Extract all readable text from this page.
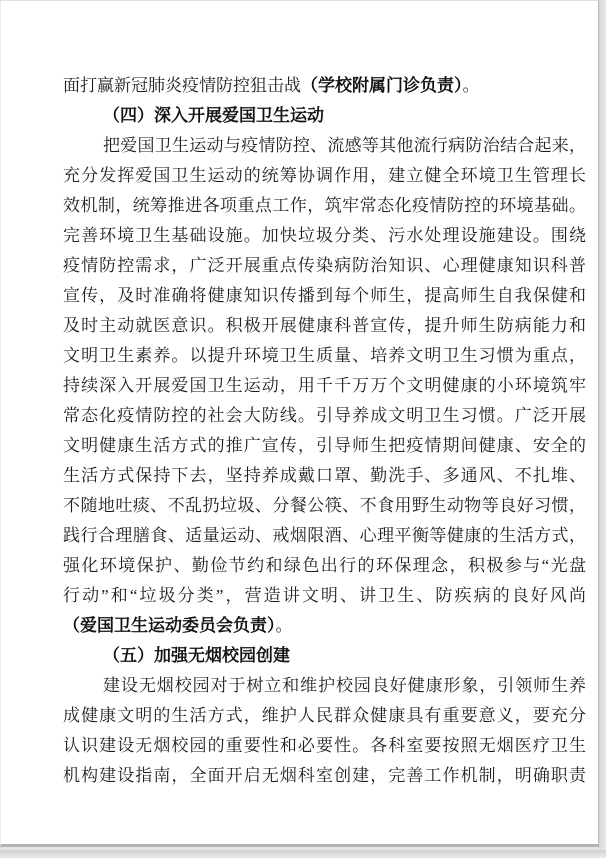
面打赢新冠肺炎疫情防控狙击战（学校附属门诊负责）。
（四）深入开展爱国卫生运动
把爱国卫生运动与疫情防控、流感等其他流行病防治结合起来，
充分发挥爱国卫生运动的统筹协调作用，建立健全环境卫生管理长
效机制，统筹推进各项重点工作，筑牢常态化疫情防控的环境基础。
完善环境卫生基础设施。加快垃圾分类、污水处理设施建设。围绕
疫情防控需求，广泛开展重点传染病防治知识、心理健康知识科普
宣传，及时准确将健康知识传播到每个师生，提高师生自我保健和
及时主动就医意识。积极开展健康科普宣传，提升师生防病能力和
文明卫生素养。以提升环境卫生质量、培养文明卫生习惯为重点，
持续深入开展爱国卫生运动，用千千万万个文明健康的小环境筑牢
常态化疫情防控的社会大防线。引导养成文明卫生习惯。广泛开展
文明健康生活方式的推广宣传，引导师生把疫情期间健康、安全的
生活方式保持下去，坚持养成戴口罩、勤洗手、多通风、不扎堆、
不随地吐痰、不乱扔垃圾、分餐公筷、不食用野生动物等良好习惯，
践行合理膳食、适量运动、戒烟限酒、心理平衡等健康的生活方式，
强化环境保护、勤俭节约和绿色出行的环保理念，积极参与“光盘
行动”和“垃圾分类”，营造讲文明、讲卫生、防疾病的良好风尚
（爱国卫生运动委员会负责）。
（五）加强无烟校园创建
建设无烟校园对于树立和维护校园良好健康形象，引领师生养
成健康文明的生活方式，维护人民群众健康具有重要意义，要充分
认识建设无烟校园的重要性和必要性。各科室要按照无烟医疗卫生
机构建设指南，全面开启无烟科室创建，完善工作机制，明确职责
